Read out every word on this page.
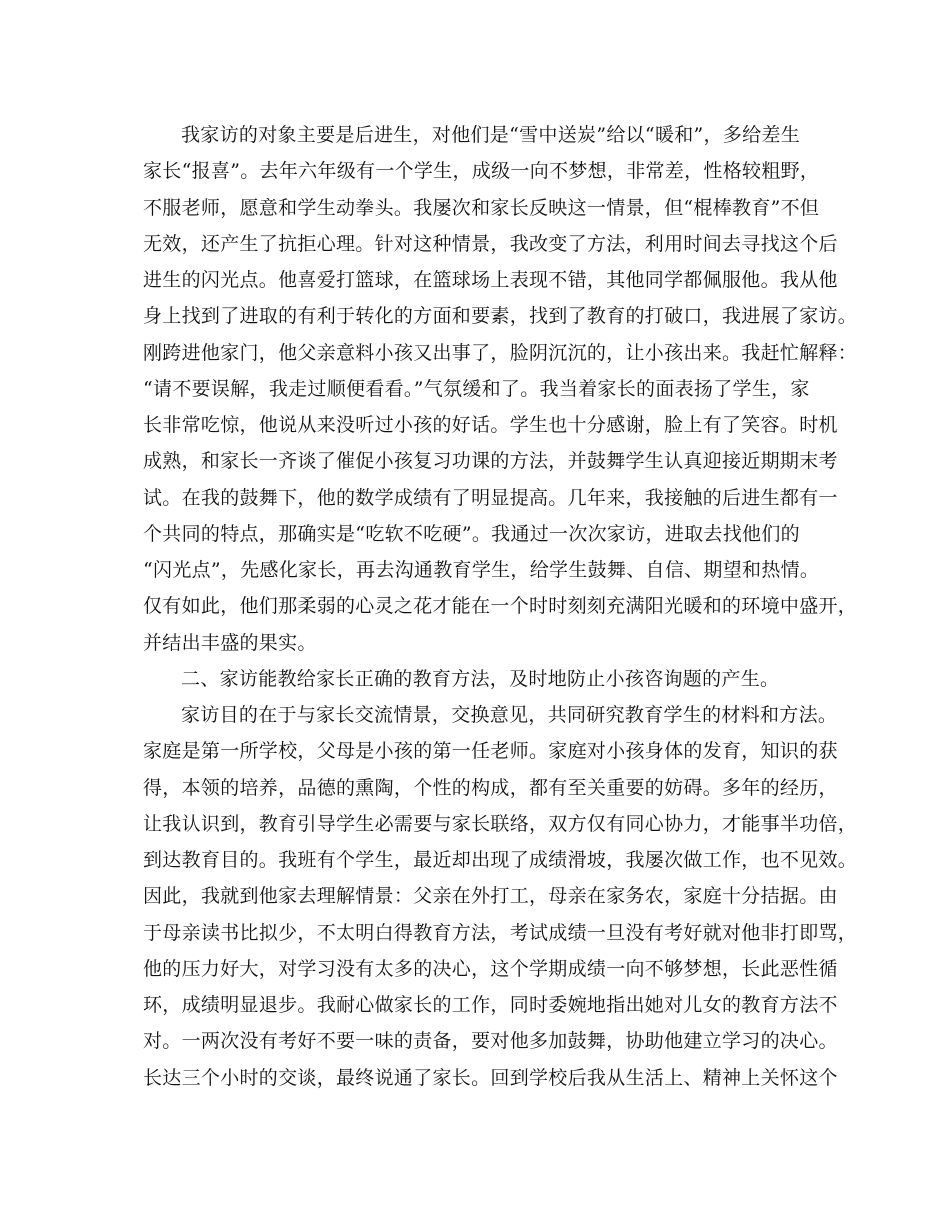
我家访的对象主要是后进生，对他们是“雪中送炭”给以“暖和”，多给差生
家长“报喜”。去年六年级有一个学生，成级一向不梦想，非常差，性格较粗野，
不服老师，愿意和学生动拳头。我屡次和家长反映这一情景，但“棍棒教育”不但
无效，还产生了抗拒心理。针对这种情景，我改变了方法，利用时间去寻找这个后
进生的闪光点。他喜爱打篮球，在篮球场上表现不错，其他同学都佩服他。我从他
身上找到了进取的有利于转化的方面和要素，找到了教育的打破口，我进展了家访。
刚跨进他家门，他父亲意料小孩又出事了，脸阴沉沉的，让小孩出来。我赶忙解释：
“请不要误解，我走过顺便看看。”气氛缓和了。我当着家长的面表扬了学生，家
长非常吃惊，他说从来没听过小孩的好话。学生也十分感谢，脸上有了笑容。时机
成熟，和家长一齐谈了催促小孩复习功课的方法，并鼓舞学生认真迎接近期期末考
试。在我的鼓舞下，他的数学成绩有了明显提高。几年来，我接触的后进生都有一
个共同的特点，那确实是“吃软不吃硬”。我通过一次次家访，进取去找他们的
“闪光点”，先感化家长，再去沟通教育学生，给学生鼓舞、自信、期望和热情。
仅有如此，他们那柔弱的心灵之花才能在一个时时刻刻充满阳光暖和的环境中盛开，
并结出丰盛的果实。
二、家访能教给家长正确的教育方法，及时地防止小孩咨询题的产生。
家访目的在于与家长交流情景，交换意见，共同研究教育学生的材料和方法。
家庭是第一所学校，父母是小孩的第一任老师。家庭对小孩身体的发育，知识的获
得，本领的培养，品德的熏陶，个性的构成，都有至关重要的妨碍。多年的经历，
让我认识到，教育引导学生必需要与家长联络，双方仅有同心协力，才能事半功倍，
到达教育目的。我班有个学生，最近却出现了成绩滑坡，我屡次做工作，也不见效。
因此，我就到他家去理解情景：父亲在外打工，母亲在家务农，家庭十分拮据。由
于母亲读书比拟少，不太明白得教育方法，考试成绩一旦没有考好就对他非打即骂，
他的压力好大，对学习没有太多的决心，这个学期成绩一向不够梦想，长此恶性循
环，成绩明显退步。我耐心做家长的工作，同时委婉地指出她对儿女的教育方法不
对。一两次没有考好不要一味的责备，要对他多加鼓舞，协助他建立学习的决心。
长达三个小时的交谈，最终说通了家长。回到学校后我从生活上、精神上关怀这个
